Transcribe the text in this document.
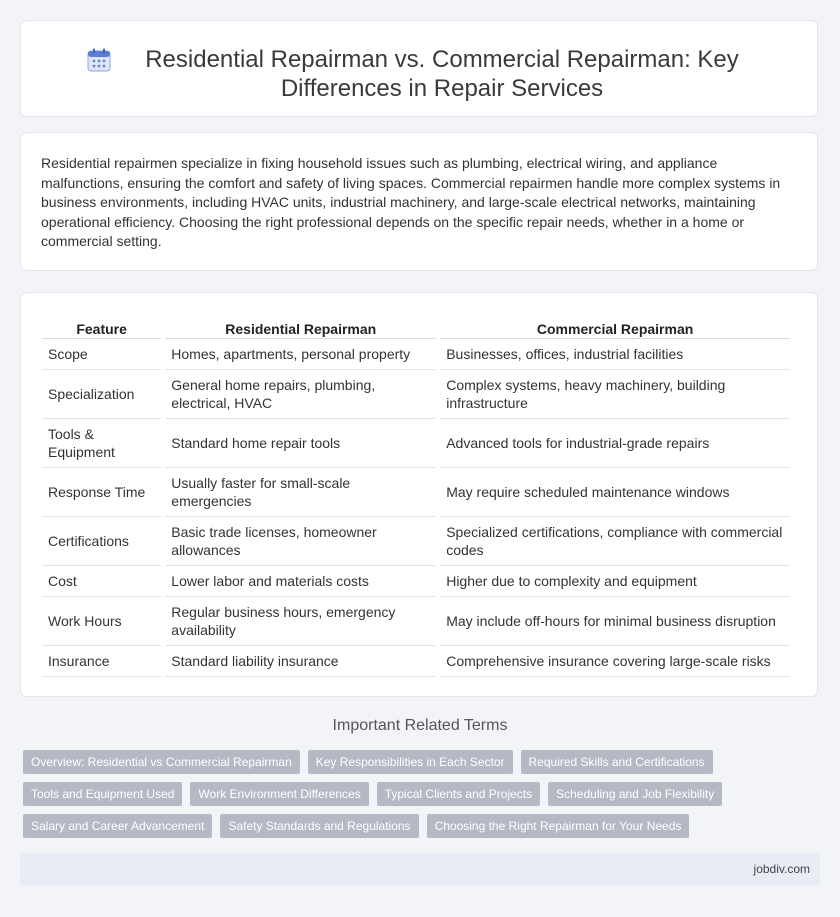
Residential Repairman vs. Commercial Repairman: Key Differences in Repair Services

Residential repairmen specialize in fixing household issues such as plumbing, electrical wiring, and appliance malfunctions, ensuring the comfort and safety of living spaces. Commercial repairmen handle more complex systems in business environments, including HVAC units, industrial machinery, and large-scale electrical networks, maintaining operational efficiency. Choosing the right professional depends on the specific repair needs, whether in a home or commercial setting.

Feature	Residential Repairman	Commercial Repairman
Scope	Homes, apartments, personal property	Businesses, offices, industrial facilities
Specialization	General home repairs, plumbing, electrical, HVAC	Complex systems, heavy machinery, building infrastructure
Tools & Equipment	Standard home repair tools	Advanced tools for industrial-grade repairs
Response Time	Usually faster for small-scale emergencies	May require scheduled maintenance windows
Certifications	Basic trade licenses, homeowner allowances	Specialized certifications, compliance with commercial codes
Cost	Lower labor and materials costs	Higher due to complexity and equipment
Work Hours	Regular business hours, emergency availability	May include off-hours for minimal business disruption
Insurance	Standard liability insurance	Comprehensive insurance covering large-scale risks
Important Related Terms
Overview: Residential vs Commercial Repairman	Key Responsibilities in Each Sector	Required Skills and Certifications
Tools and Equipment Used	Work Environment Differences	Typical Clients and Projects	Scheduling and Job Flexibility
Salary and Career Advancement	Safety Standards and Regulations	Choosing the Right Repairman for Your Needs
jobdiv.com
